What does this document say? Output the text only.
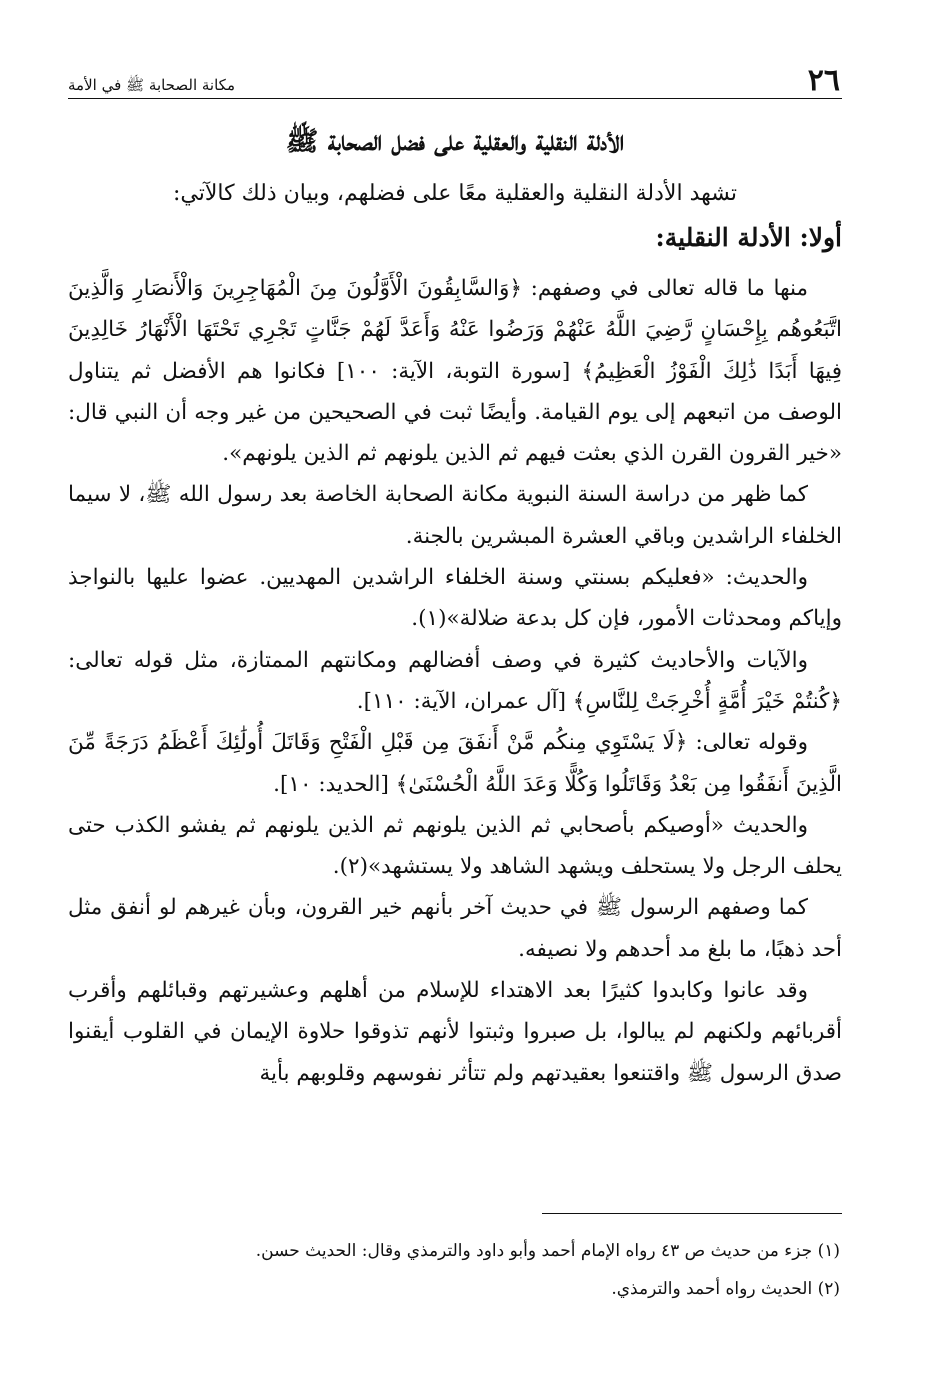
٢٦
مكانة الصحابة ﷺ في الأمة
الأدلة النقلية والعقلية على فضل الصحابة ﷺ

تشهد الأدلة النقلية والعقلية معًا على فضلهم، وبيان ذلك كالآتي:

أولا: الأدلة النقلية:

منها ما قاله تعالى في وصفهم: ﴿وَالسَّابِقُونَ الْأَوَّلُونَ مِنَ الْمُهَاجِرِينَ وَالْأَنصَارِ وَالَّذِينَ اتَّبَعُوهُم بِإِحْسَانٍ رَّضِيَ اللَّهُ عَنْهُمْ وَرَضُوا عَنْهُ وَأَعَدَّ لَهُمْ جَنَّاتٍ تَجْرِي تَحْتَهَا الْأَنْهَارُ خَالِدِينَ فِيهَا أَبَدًا ذَٰلِكَ الْفَوْزُ الْعَظِيمُ﴾ [سورة التوبة، الآية: ١٠٠] فكانوا هم الأفضل ثم يتناول الوصف من اتبعهم إلى يوم القيامة. وأيضًا ثبت في الصحيحين من غير وجه أن النبي قال: «خير القرون القرن الذي بعثت فيهم ثم الذين يلونهم ثم الذين يلونهم».

كما ظهر من دراسة السنة النبوية مكانة الصحابة الخاصة بعد رسول الله ﷺ، لا سيما الخلفاء الراشدين وباقي العشرة المبشرين بالجنة.

والحديث: «فعليكم بسنتي وسنة الخلفاء الراشدين المهديين. عضوا عليها بالنواجذ وإياكم ومحدثات الأمور، فإن كل بدعة ضلالة»(١).

والآيات والأحاديث كثيرة في وصف أفضالهم ومكانتهم الممتازة، مثل قوله تعالى: ﴿كُنتُمْ خَيْرَ أُمَّةٍ أُخْرِجَتْ لِلنَّاسِ﴾ [آل عمران، الآية: ١١٠].

وقوله تعالى: ﴿لَا يَسْتَوِي مِنكُم مَّنْ أَنفَقَ مِن قَبْلِ الْفَتْحِ وَقَاتَلَ أُولَٰئِكَ أَعْظَمُ دَرَجَةً مِّنَ الَّذِينَ أَنفَقُوا مِن بَعْدُ وَقَاتَلُوا وَكُلًّا وَعَدَ اللَّهُ الْحُسْنَىٰ﴾ [الحديد: ١٠].

والحديث «أوصيكم بأصحابي ثم الذين يلونهم ثم الذين يلونهم ثم يفشو الكذب حتى يحلف الرجل ولا يستحلف ويشهد الشاهد ولا يستشهد»(٢).

كما وصفهم الرسول ﷺ في حديث آخر بأنهم خير القرون، وبأن غيرهم لو أنفق مثل أحد ذهبًا، ما بلغ مد أحدهم ولا نصيفه.

وقد عانوا وكابدوا كثيرًا بعد الاهتداء للإسلام من أهلهم وعشيرتهم وقبائلهم وأقرب أقربائهم ولكنهم لم يبالوا، بل صبروا وثبتوا لأنهم تذوقوا حلاوة الإيمان في القلوب أيقنوا صدق الرسول ﷺ واقتنعوا بعقيدتهم ولم تتأثر نفوسهم وقلوبهم بأية

(١) جزء من حديث ص ٤٣ رواه الإمام أحمد وأبو داود والترمذي وقال: الحديث حسن.

(٢) الحديث رواه أحمد والترمذي.
